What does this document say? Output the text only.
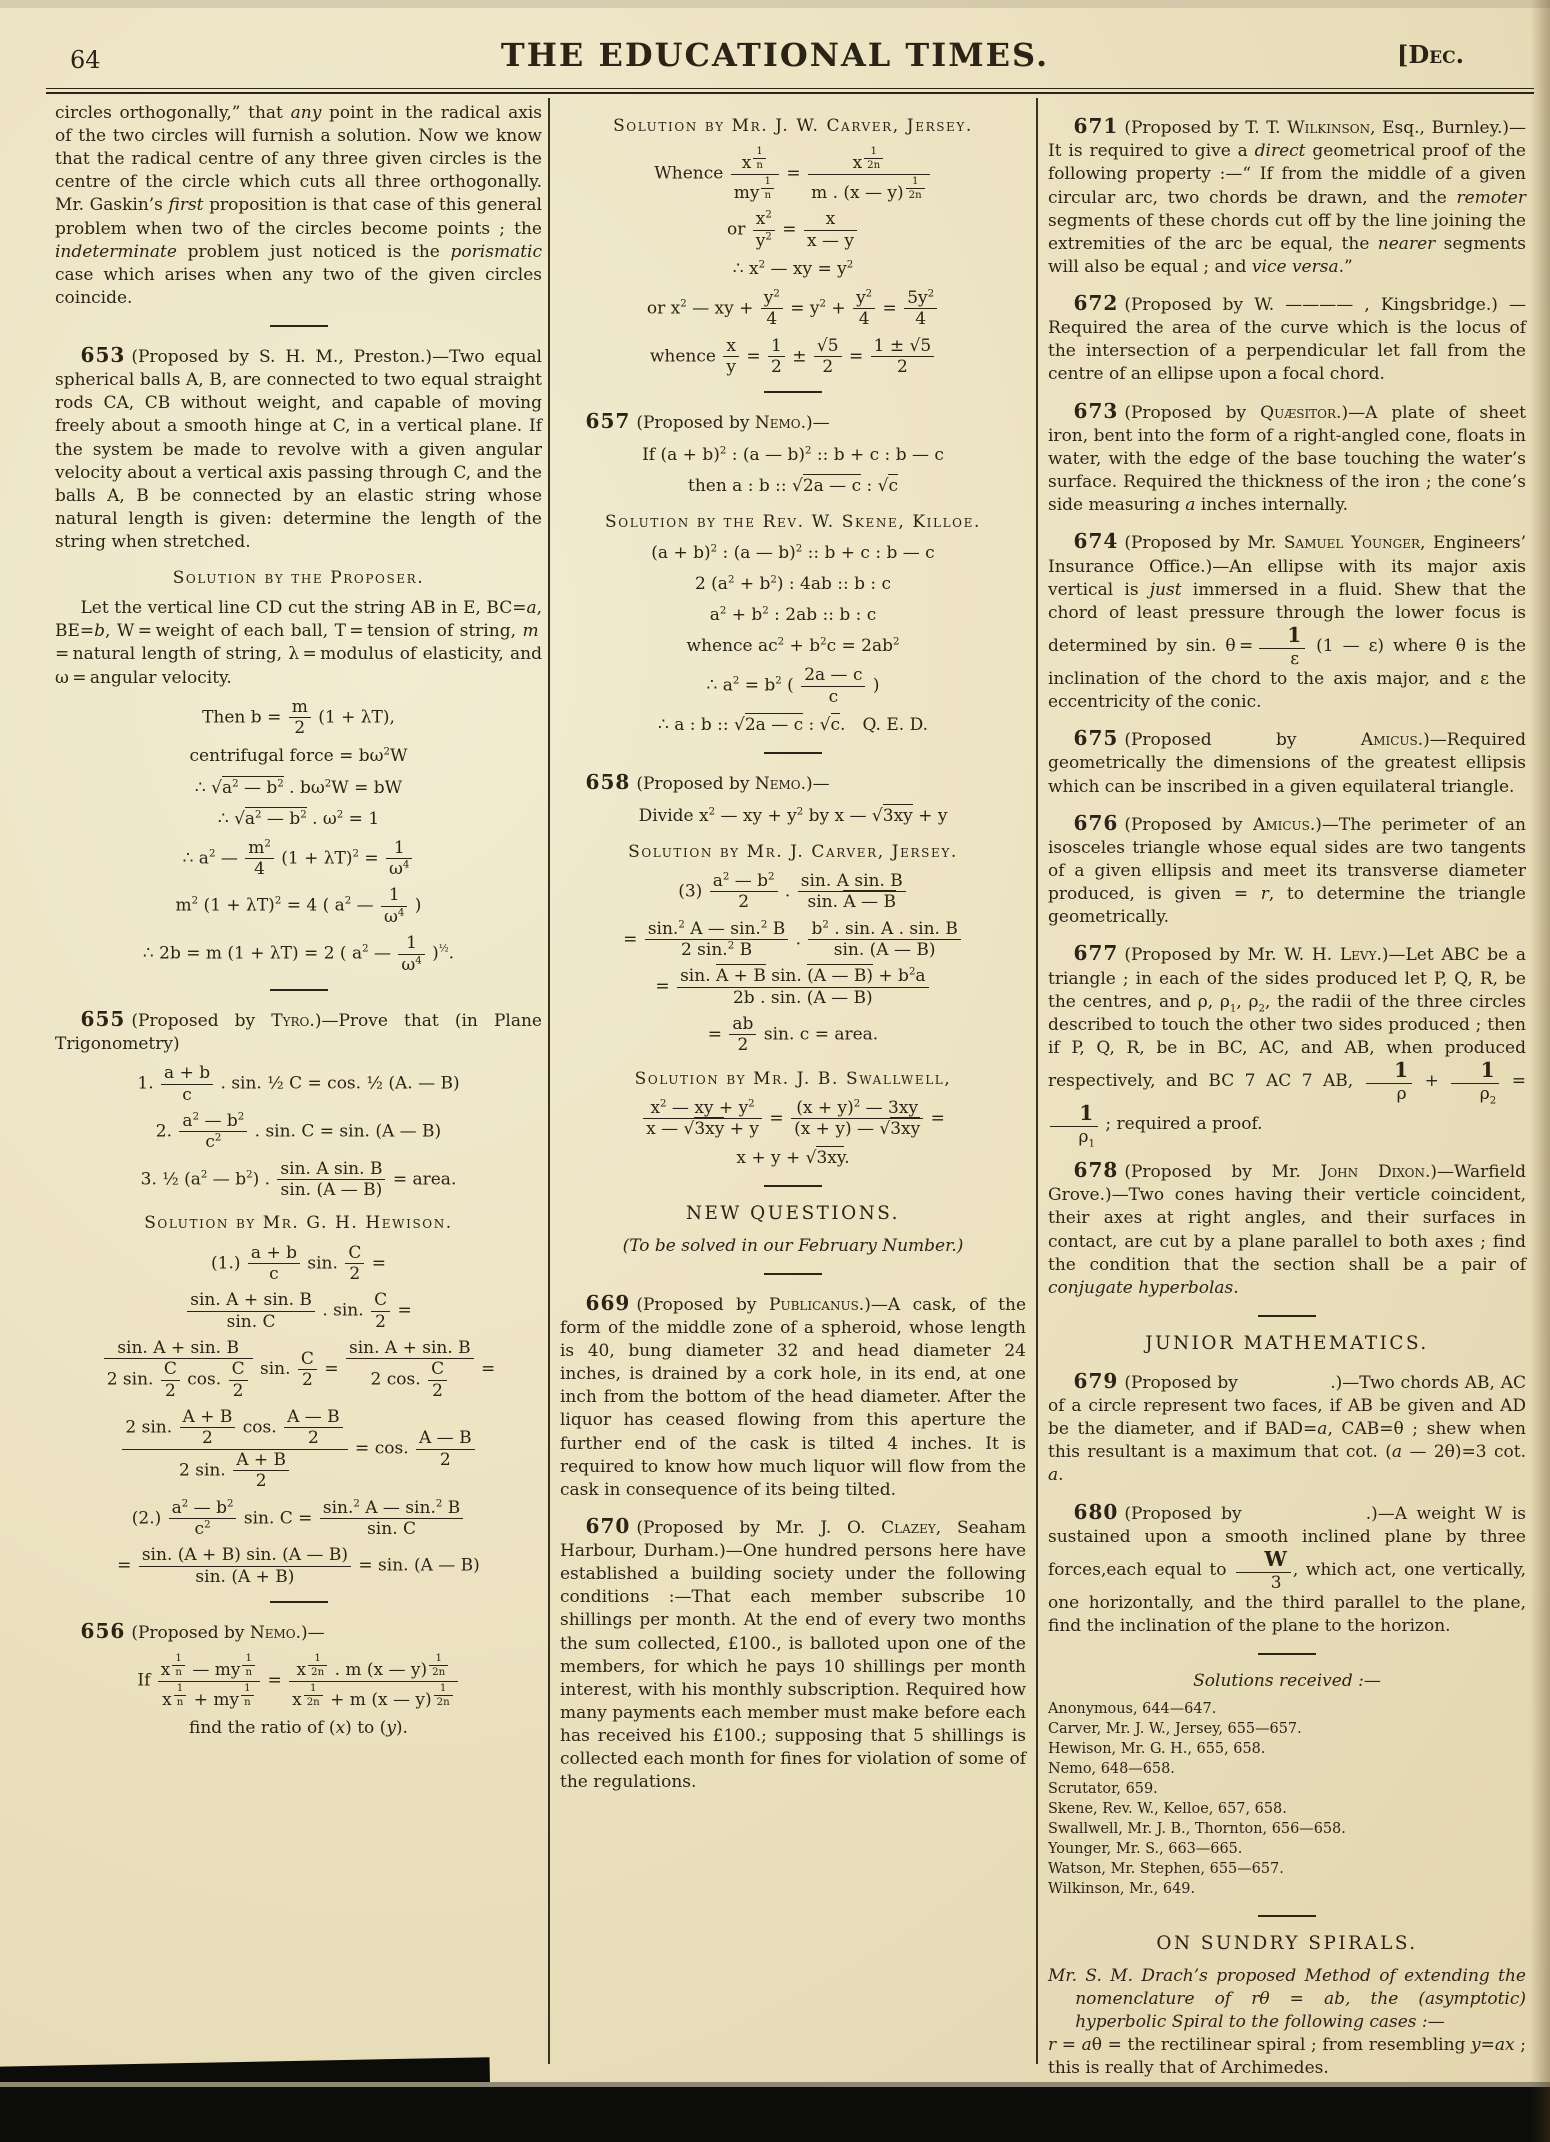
64	THE EDUCATIONAL TIMES.	[Dec.

circles orthogonally,” that any point in the radical axis of the two circles will furnish a solution. Now we know that the radical centre of any three given circles is the centre of the circle which cuts all three orthogonally. Mr. Gaskin’s first proposition is that case of this general problem when two of the circles become points ; the indeterminate problem just noticed is the porismatic case which arises when any two of the given circles coincide.

653 (Proposed by S. H. M., Preston.)—Two equal spherical balls A, B, are connected to two equal straight rods CA, CB without weight, and capable of moving freely about a smooth hinge at C, in a vertical plane. If the system be made to revolve with a given angular velocity about a vertical axis passing through C, and the balls A, B be connected by an elastic string whose natural length is given: determine the length of the string when stretched.

Solution by the Proposer.

Let the vertical line CD cut the string AB in E, BC=a, BE=b, W = weight of each ball, T = tension of string, m = natural length of string, λ = modulus of elasticity, and ω = angular velocity.

Then $b = \frac{m}{2} (1 + \lambda T)$,
centrifugal force = $b\omega^2W$
∴ $√a^2$ — $b^2$ . $b\omega^2W$ = bW
∴ $√a^2$ — $b^2$ . $\omega^2 = 1$
∴ $a^2$ — $\frac{m^2}{4} (1 + \lambda T)^2 = \frac{1}{\omega^4}$
$m^2$ $(1 + \lambda T)^2 = 4$ ( $a^2$ — $\frac{1}{\omega^4}$ )
∴ 2b = m (1 + λT) = 2 ( $a^2$ — $\frac{1}{\omega^4} )^{\frac{1}{2}}$.

655 (Proposed by Tyro.)—Prove that (in Plane Trigonometry)

1. $\frac{a + b}{c}$ . sin. ½ C = cos. ½ (A. — B)
2. $\frac{a^2 — b^2}{c^2}$ . sin. C = sin. (A — B)
3. ½ ($a^2$ — $b^2$) . $\frac{\text{sin. A sin. B}}{\sin. (A — B)}$ = area.

Solution by Mr. G. H. Hewison.

$(1.) \frac{a + b}{c} \sin$. $\frac{C}{2}$ =
$\frac{\sin. A + \sin. B}{\sin. C}$ . sin. $\frac{C}{2}$ =
$\frac{\sin. A + \sin. B}{2 \sin. \frac{C}{2} \cos. \frac{C}{2}} \sin$. $\frac{C}{2} = \frac{\sin. A + \sin. B}{2 \cos. \frac{C}{2}}$ =
$\frac{2 \sin. \frac{A + B}{2} \cos. \frac{A — B}{2}}{2 \sin. \frac{A + B}{2}} = \cos$. $\frac{A — B}{2}$
$(2.) \frac{a^2 — b^2}{c^2} \sin$. $C = \frac{\sin.^2 A — \sin.^2 B}{\sin. C}$
= $\frac{\sin. (A + B) \sin. (A — B)}{\sin. (A + B)} = \sin$. (A — B)

656 (Proposed by Nemo.)—

If x $^{\frac{1}{n}}$ — my $^{\frac{1}{n}}$
x $^{\frac{1}{n}}$ + my $^{\frac{1}{n}}$ = x $^{\frac{1}{2n}}$ . m (x — y) $^{\frac{1}{2n}}$
x $^{\frac{1}{2n}}$ + m (x — y) $^{\frac{1}{2n}}$
find the ratio of (x) to (y).

Solution by Mr. J. W. Carver, Jersey.

Whence x $^{\frac{1}{n}}$
my $^{\frac{1}{n}}$ = x $^{\frac{1}{2n}}$
m . (x — y) $^{\frac{1}{2n}}$
or $\frac{x^2}{y^2} = \frac{x}{x — y}$
∴ $x^2$ — xy = $y^2$
or $x^2$ — xy + $\frac{y^2}{4} = y^2 + \frac{y^2}{4} = \frac{5y^2}{4}$
whence $\frac{x}{y} = \frac{1}{2} \pm \frac{√5}{2} = \frac{1 \pm √5}{2}$

657 (Proposed by Nemo.)—

If $(a + b)^2$ : (a — b)$^2$ :: b + c : b — c
then a : b :: √2a — c : √c

Solution by the Rev. W. Skene, Killoe.

$(a + b)^2$ : (a — b)$^2$ :: b + c : b — c
2 $(a^2 + b^2)$ : 4ab :: b : c
$a^2 + b^2$ : 2ab :: b : c
whence $ac^2 + b^2c = 2ab^2$
∴ $a^2 = b^2$ ( $\frac{2a — c}{c}$ )
∴ a : b :: √2a — c : √c. Q. E. D.

658 (Proposed by Nemo.)—

Divide $x^2$ — xy + $y^2$ by x — √3xy + y

Solution by Mr. J. Carver, Jersey.

$(3) \frac{a^2 — b^2}{2}$ . $\frac{\text{sin. A sin. B}}{\sin. A — B}$
= $\frac{\sin.^2 A — \sin.^2 B}{2 \sin.^2 B}$ . $\frac{b^2 . \sin. A . \sin. B}{\sin. (A — B)}$
= $\frac{\sin. A + B \sin. (A — B) + b^2a}{2b . \sin. (A — B)}$
= $\frac{ab}{2} \sin$. c = area.

Solution by Mr. J. B. Swallwell,

$\frac{x^2 — xy + y^2}{x — √3xy + y} = \frac{(x + y)^2 — 3xy}{(x + y) — √3xy}$ =
x + y + √3xy.

NEW QUESTIONS.

(To be solved in our February Number.)

669 (Proposed by Publicanus.)—A cask, of the form of the middle zone of a spheroid, whose length is 40, bung diameter 32 and head diameter 24 inches, is drained by a cork hole, in its end, at one inch from the bottom of the head diameter. After the liquor has ceased flowing from this aperture the further end of the cask is tilted 4 inches. It is required to know how much liquor will flow from the cask in consequence of its being tilted.

670 (Proposed by Mr. J. O. Clazey, Seaham Harbour, Durham.)—One hundred persons here have established a building society under the following conditions :—That each member subscribe 10 shillings per month. At the end of every two months the sum collected, £100., is balloted upon one of the members, for which he pays 10 shillings per month interest, with his monthly subscription. Required how many payments each member must make before each has received his £100.; supposing that 5 shillings is collected each month for fines for violation of some of the regulations.

671 (Proposed by T. T. Wilkinson, Esq., Burnley.)—It is required to give a direct geometrical proof of the following property :—“ If from the middle of a given circular arc, two chords be drawn, and the remoter segments of these chords cut off by the line joining the extremities of the arc be equal, the nearer segments will also be equal ; and vice versa.”

672 (Proposed by W. ———— , Kingsbridge.) —Required the area of the curve which is the locus of the intersection of a perpendicular let fall from the centre of an ellipse upon a focal chord.

673 (Proposed by Quæsitor.)—A plate of sheet iron, bent into the form of a right-angled cone, floats in water, with the edge of the base touching the water’s surface. Required the thickness of the iron ; the cone’s side measuring a inches internally.

674 (Proposed by Mr. Samuel Younger, Engineers’ Insurance Office.)—An ellipse with its major axis vertical is just immersed in a fluid. Shew that the chord of least pressure through the lower focus is determined by sin. $\theta = \frac{1}{\varepsilon} (1$ — ε) where θ is the inclination of the chord to the axis major, and ε the eccentricity of the conic.

675 (Proposed by Amicus.)—Required geometrically the dimensions of the greatest ellipsis which can be inscribed in a given equilateral triangle.

676 (Proposed by Amicus.)—The perimeter of an isosceles triangle whose equal sides are two tangents of a given ellipsis and meet its transverse diameter produced, is given = r, to determine the triangle geometrically.

677 (Proposed by Mr. W. H. Levy.)—Let ABC be a triangle ; in each of the sides produced let P, Q, R, be the centres, and ρ, $\rho_1$, $\rho_2$, the radii of the three circles described to touch the other two sides produced ; then if P, Q, R, be in BC, AC, and AB, when produced respectively, and BC 7 AC 7 AB, $\frac{1}{\rho} + \frac{1}{\rho_2}$ =
$\frac{1}{\rho_1}$ ; required a proof.

678 (Proposed by Mr. John Dixon.)—Warfield Grove.)—Two cones having their verticle coincident, their axes at right angles, and their surfaces in contact, are cut by a plane parallel to both axes ; find the condition that the section shall be a pair of conjugate hyperbolas.

JUNIOR MATHEMATICS.

679 (Proposed by                .)—Two chords AB, AC of a circle represent two faces, if AB be given and AD be the diameter, and if BAD=a, CAB=θ ; shew when this resultant is a maximum that cot. (a — 2θ)=3 cot. a.

680 (Proposed by             .)—A weight W is sustained upon a smooth inclined plane by three forces,each equal to $\frac{W}{3}$ , which act, one vertically, one horizontally, and the third parallel to the plane, find the inclination of the plane to the horizon.

Solutions received :—

Anonymous, 644—647.
Carver, Mr. J. W., Jersey, 655—657.
Hewison, Mr. G. H., 655, 658.
Nemo, 648—658.
Scrutator, 659.
Skene, Rev. W., Kelloe, 657, 658.
Swallwell, Mr. J. B., Thornton, 656—658.
Younger, Mr. S., 663—665.
Watson, Mr. Stephen, 655—657.
Wilkinson, Mr., 649.

ON SUNDRY SPIRALS.

Mr. S. M. Drach’s proposed Method of extending the nomenclature of rθ = ab, the (asymptotic) hyperbolic Spiral to the following cases :—

r = aθ = the rectilinear spiral ; from resembling y=ax ; this is really that of Archimedes.
